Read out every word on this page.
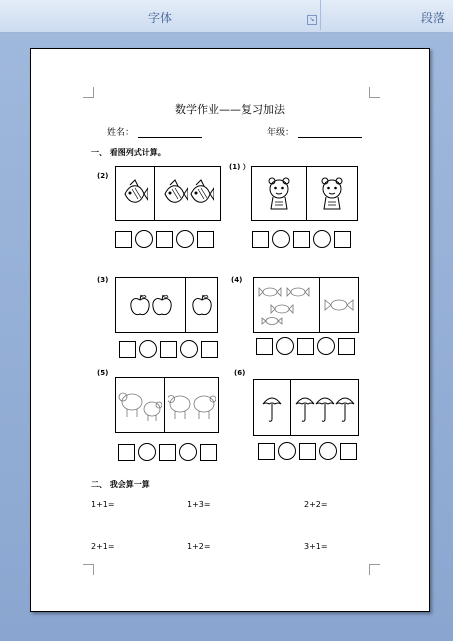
字体	↘	段落
数学作业——复习加法
姓名：	年级：
一、 看图列式计算。
(2)
(1) ）
(3)	(4)
(5)	(6)
二、 我会算一算
1+1=	1+3=	2+2=
2+1=	1+2=	3+1=
